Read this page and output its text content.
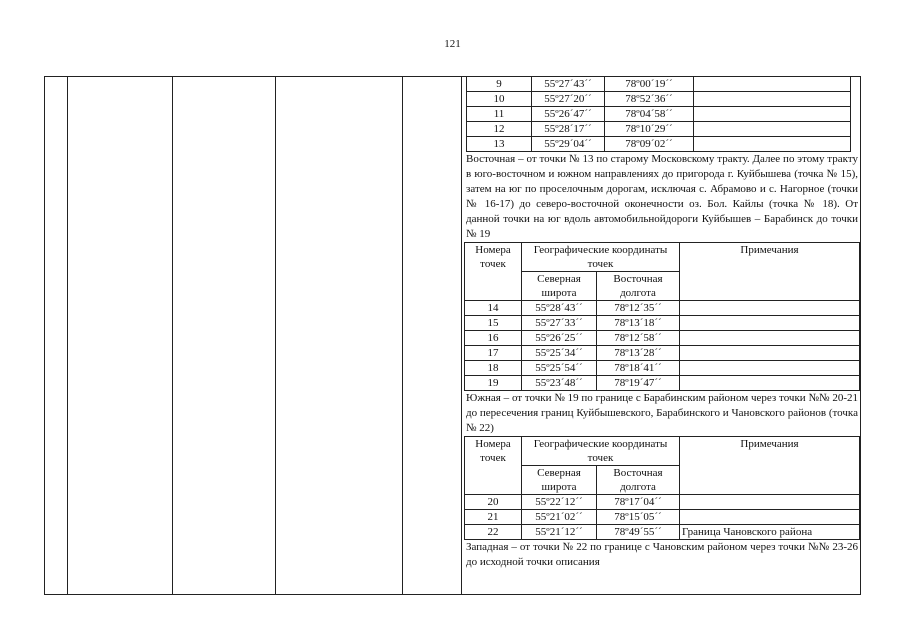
121
9	55º27´43´´	78º00´19´´	
10	55º27´20´´	78º52´36´´	
11	55º26´47´´	78º04´58´´	
12	55º28´17´´	78º10´29´´	
13	55º29´04´´	78º09´02´´	
Восточная – от точки № 13 по старому Московскому тракту. Далее по этому тракту в юго-восточном и южном направлениях до пригорода г. Куйбышева (точка № 15), затем на юг по проселочным дорогам, исключая с. Абрамово и с. Нагорное (точки № 16-17) до северо-восточной оконечности оз. Бол. Кайлы (точка № 18). От данной точки на юг вдоль автомобильнойдороги Куйбышев – Барабинск до точки № 19
Номера точек	Географические координаты точек		Примечания
	Северная широта	Восточная долгота	
14	55º28´43´´	78º12´35´´	
15	55º27´33´´	78º13´18´´	
16	55º26´25´´	78º12´58´´	
17	55º25´34´´	78º13´28´´	
18	55º25´54´´	78º18´41´´	
19	55º23´48´´	78º19´47´´	
Южная – от точки № 19 по границе с Барабинским районом через точки №№ 20-21 до пересечения границ Куйбышевского, Барабинского и Чановского районов (точка № 22)
Номера точек	Географические координаты точек		Примечания
	Северная широта	Восточная долгота	
20	55º22´12´´	78º17´04´´	
21	55º21´02´´	78º15´05´´	
22	55º21´12´´	78º49´55´´	Граница Чановского района
Западная – от точки № 22 по границе с Чановским районом через точки №№ 23-26 до исходной точки описания
